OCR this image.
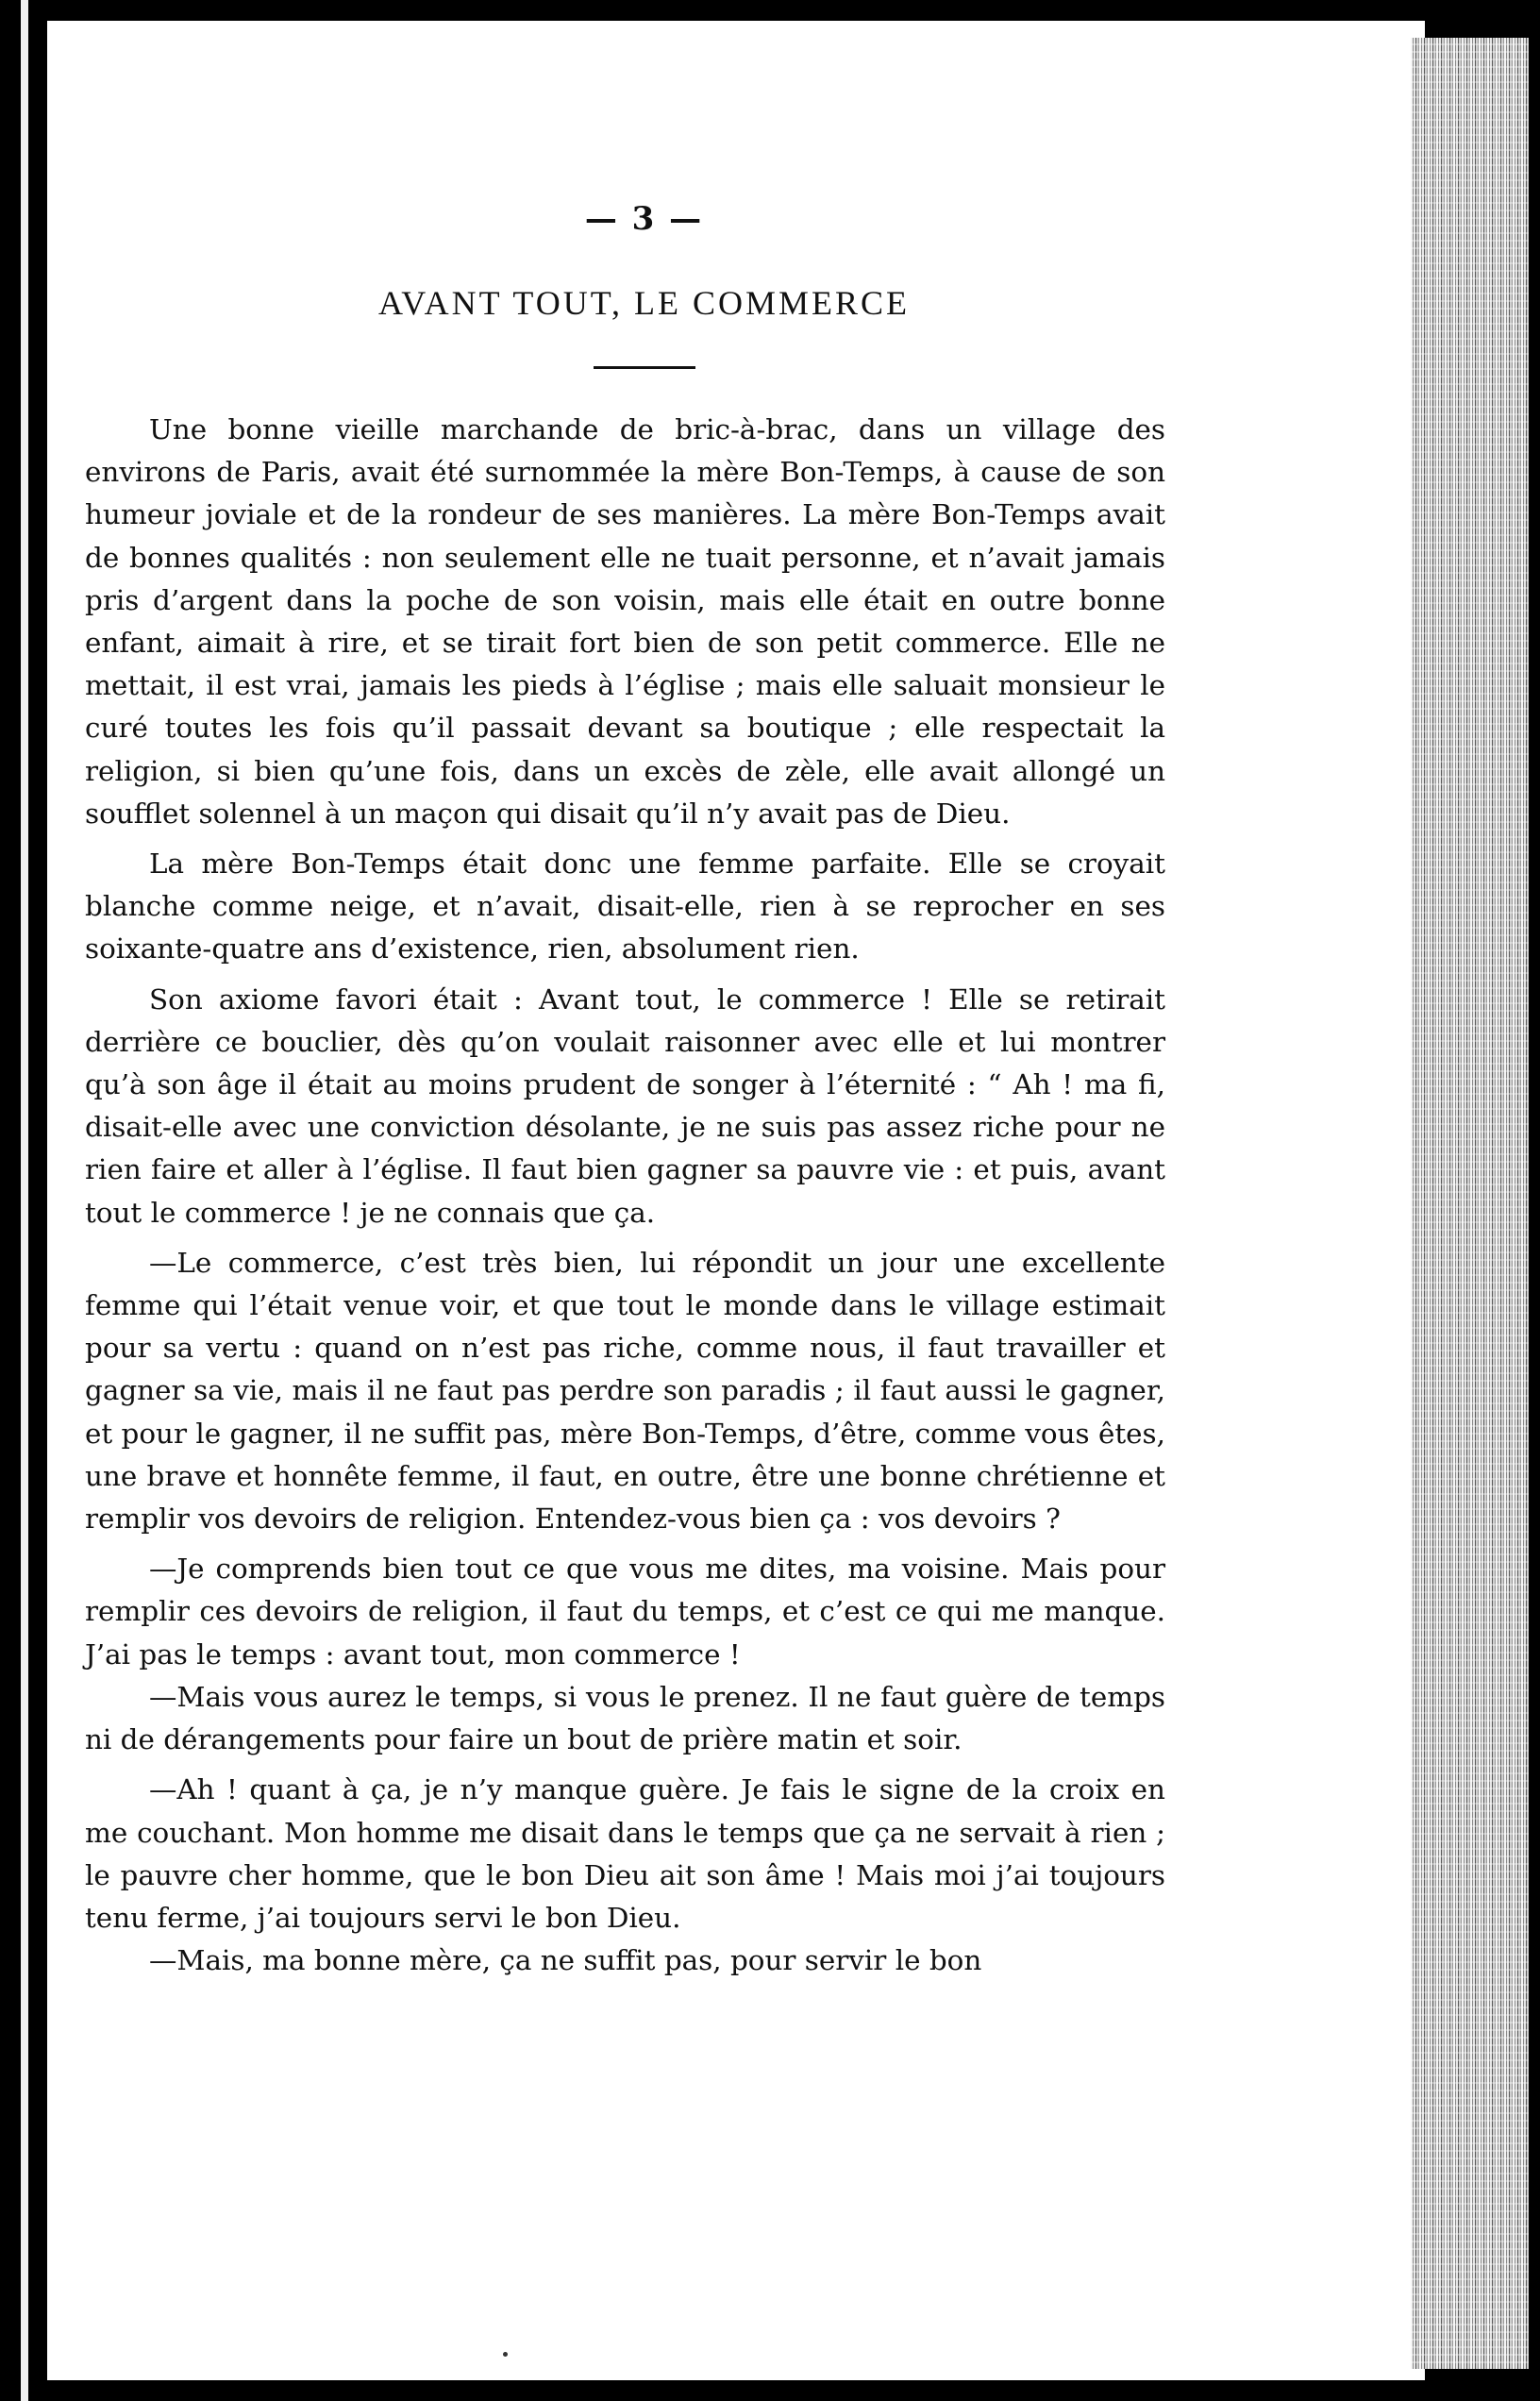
— 3 —
AVANT TOUT, LE COMMERCE

Une bonne vieille marchande de bric-à-brac, dans un village des environs de Paris, avait été surnommée la mère Bon-Temps, à cause de son humeur joviale et de la rondeur de ses manières. La mère Bon-Temps avait de bonnes qualités : non seulement elle ne tuait personne, et n’avait jamais pris d’argent dans la poche de son voisin, mais elle était en outre bonne enfant, aimait à rire, et se tirait fort bien de son petit commerce. Elle ne mettait, il est vrai, jamais les pieds à l’église ; mais elle saluait monsieur le curé toutes les fois qu’il passait devant sa boutique ; elle respectait la religion, si bien qu’une fois, dans un excès de zèle, elle avait allongé un soufflet solennel à un maçon qui disait qu’il n’y avait pas de Dieu.

La mère Bon-Temps était donc une femme parfaite. Elle se croyait blanche comme neige, et n’avait, disait-elle, rien à se reprocher en ses soixante-quatre ans d’existence, rien, absolument rien.

Son axiome favori était : Avant tout, le commerce ! Elle se retirait derrière ce bouclier, dès qu’on voulait raisonner avec elle et lui montrer qu’à son âge il était au moins prudent de songer à l’éternité : “ Ah ! ma fi, disait-elle avec une conviction désolante, je ne suis pas assez riche pour ne rien faire et aller à l’église. Il faut bien gagner sa pauvre vie : et puis, avant tout le commerce ! je ne connais que ça.

—Le commerce, c’est très bien, lui répondit un jour une excellente femme qui l’était venue voir, et que tout le monde dans le village estimait pour sa vertu : quand on n’est pas riche, comme nous, il faut travailler et gagner sa vie, mais il ne faut pas perdre son paradis ; il faut aussi le gagner, et pour le gagner, il ne suffit pas, mère Bon-Temps, d’être, comme vous êtes, une brave et honnête femme, il faut, en outre, être une bonne chrétienne et remplir vos devoirs de religion. Entendez-vous bien ça : vos devoirs ?

—Je comprends bien tout ce que vous me dites, ma voisine. Mais pour remplir ces devoirs de religion, il faut du temps, et c’est ce qui me manque. J’ai pas le temps : avant tout, mon commerce !

—Mais vous aurez le temps, si vous le prenez. Il ne faut guère de temps ni de dérangements pour faire un bout de prière matin et soir.

—Ah ! quant à ça, je n’y manque guère. Je fais le signe de la croix en me couchant. Mon homme me disait dans le temps que ça ne servait à rien ; le pauvre cher homme, que le bon Dieu ait son âme ! Mais moi j’ai toujours tenu ferme, j’ai toujours servi le bon Dieu.

—Mais, ma bonne mère, ça ne suffit pas, pour servir le bon
